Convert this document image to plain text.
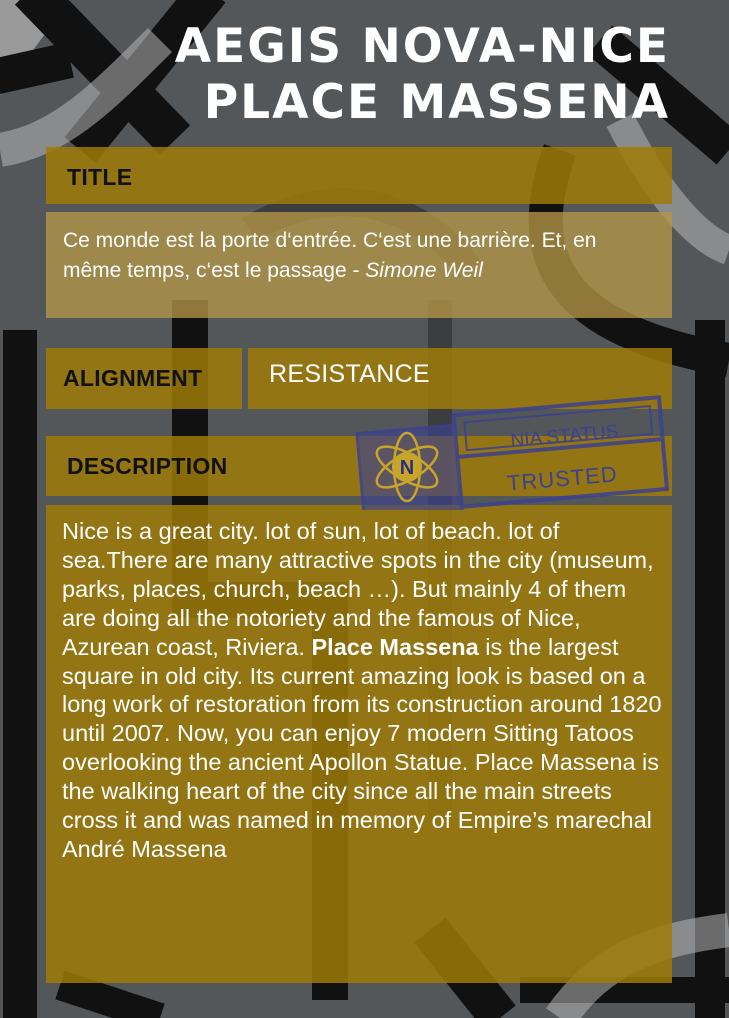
AEGIS NOVA-NICE
PLACE MASSENA
TITLE
Ce monde est la porte d‘entrée. C‘est une barrière. Et, en même temps, c‘est le passage - Simone Weil
ALIGNMENT	RESISTANCE
DESCRIPTION
Nice is a great city. lot of sun, lot of beach. lot of sea.There are many attractive spots in the city (museum, parks, places, church, beach …). But mainly 4 of them are doing all the notoriety and the famous of Nice, Azurean coast, Riviera. Place Massena is the largest square in old city. Its current amazing look is based on a long work of restoration from its construction around 1820 until 2007. Now, you can enjoy 7 modern Sitting Tatoos overlooking the ancient Apollon Statue. Place Massena is the walking heart of the city since all the main streets cross it and was named in memory of Empire’s marechal André Massena
N
NIA STATUS
TRUSTED
